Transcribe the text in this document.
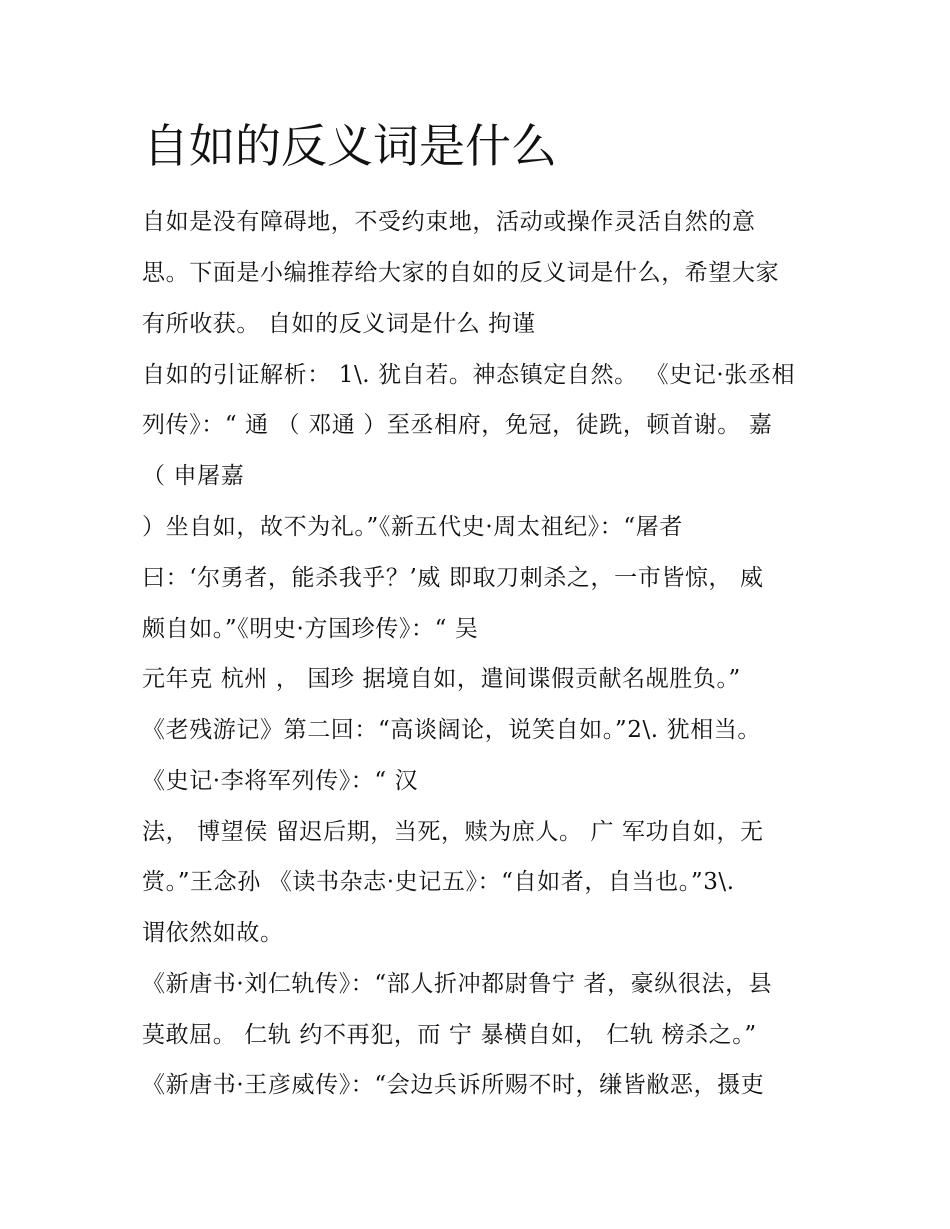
自如的反义词是什么
自如是没有障碍地，不受约束地，活动或操作灵活自然的意
思。下面是小编推荐给大家的自如的反义词是什么，希望大家
有所收获。 自如的反义词是什么 拘谨
自如的引证解析： 1\. 犹自若。神态镇定自然。 《史记·张丞相
列传》：“ 通 （ 邓通 ）至丞相府，免冠，徒跣，顿首谢。 嘉
（ 申屠嘉
）坐自如，故不为礼。”《新五代史·周太祖纪》：“屠者
曰：‘尔勇者，能杀我乎？’威 即取刀刺杀之，一市皆惊， 威
颇自如。”《明史·方国珍传》：“ 吴
元年克 杭州 ， 国珍 据境自如，遣间谍假贡献名觇胜负。”
《老残游记》第二回：“高谈阔论，说笑自如。”2\. 犹相当。
《史记·李将军列传》：“ 汉
法， 博望侯 留迟后期，当死，赎为庶人。 广 军功自如，无
赏。”王念孙 《读书杂志·史记五》：“自如者，自当也。”3\.
谓依然如故。
《新唐书·刘仁轨传》：“部人折冲都尉鲁宁 者，豪纵很法，县
莫敢屈。 仁轨 约不再犯，而 宁 暴横自如， 仁轨 榜杀之。”
《新唐书·王彦威传》：“会边兵诉所赐不时，缣皆敝恶，摄吏
